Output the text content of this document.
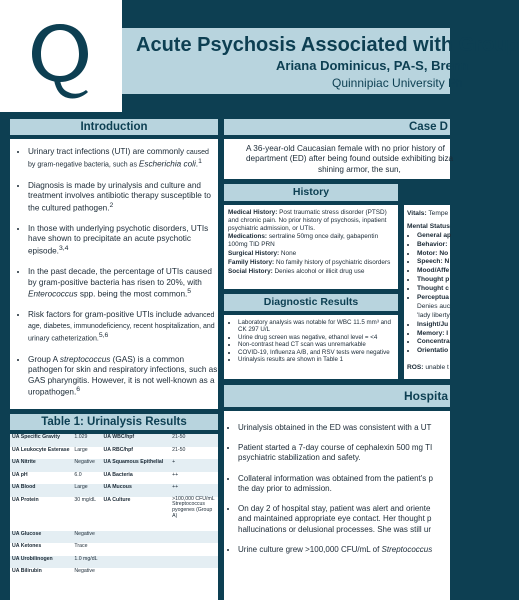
Acute Psychosis Associated with Group
Ariana Dominicus, PA-S, Brenn
Quinnipiac University Ph
Introduction
• Urinary tract infections (UTI) are commonly caused by gram-negative bacteria, such as Escherichia coli.$^1$
• Diagnosis is made by urinalysis and culture and treatment involves antibiotic therapy susceptible to the cultured pathogen.$^2$
• In those with underlying psychotic disorders, UTIs have shown to precipitate an acute psychotic episode.$^{3,4}$
• In the past decade, the percentage of UTIs caused by gram-positive bacteria has risen to 20%, with Enterococcus spp. being the most common.$^5$
• Risk factors for gram-positive UTIs include advanced age, diabetes, immunodeficiency, recent hospitalization, and urinary catheterization.$^{5,6}$
• Group A streptococcus (GAS) is a common pathogen for skin and respiratory infections, such as GAS pharyngitis. However, it is not well-known as a uropathogen.$^6$
Table 1: Urinalysis Results
UA Specific Gravity	1.029	UA WBC/hpf	21-50
UA Leukocyte Esterase	Large	UA RBC/hpf	21-50
UA Nitrite	Negative	UA Squamous Epithelial	+
UA pH	6.0	UA Bacteria	++
UA Blood	Large	UA Mucous	++
UA Protein	30 mg/dL	UA Culture	>100,000 CFU/mL Streptococcus pyogenes (Group A)
UA Glucose	Negative		
UA Ketones	Trace		
UA Urobilinogen	1.0 mg/dL		
UA Bilirubin	Negative		
Case D
A 36-year-old Caucasian female with no prior history of
department (ED) after being found outside exhibiting biza
shining armor, the sun,
History

Medical History: Post traumatic stress disorder (PTSD) and chronic pain. No prior history of psychosis, inpatient psychiatric admission, or UTIs.

Medications: sertraline 50mg once daily, gabapentin 100mg TID PRN

Surgical History: None

Family History: No family history of psychiatric disorders

Social History: Denies alcohol or illicit drug use

Diagnostic Results
• Laboratory analysis was notable for WBC 11.5 mm³ and CK 297 U/L
• Urine drug screen was negative, ethanol level = <4
• Non-contrast head CT scan was unremarkable
• COVID-19, Influenza A/B, and RSV tests were negative
• Urinalysis results are shown in Table 1
Vitals: Tempe
Mental Status
• General ap
• Behavior:
• Motor: No
• Speech: N
• Mood/Affe
• Thought p
• Thought c
• Perceptua
Denies auc
'lady liberty
• Insight/Ju
• Memory: I
• Concentra
• Orientatio
ROS: unable t
Hospita
• Urinalysis obtained in the ED was consistent with a UT
• Patient started a 7-day course of cephalexin 500 mg TI
psychiatric stabilization and safety.
• Collateral information was obtained from the patient's p
the day prior to admission.
• On day 2 of hospital stay, patient was alert and oriente
and maintained appropriate eye contact. Her thought p
hallucinations or delusional processes. She was still ur
• Urine culture grew >100,000 CFU/mL of Streptococcus
